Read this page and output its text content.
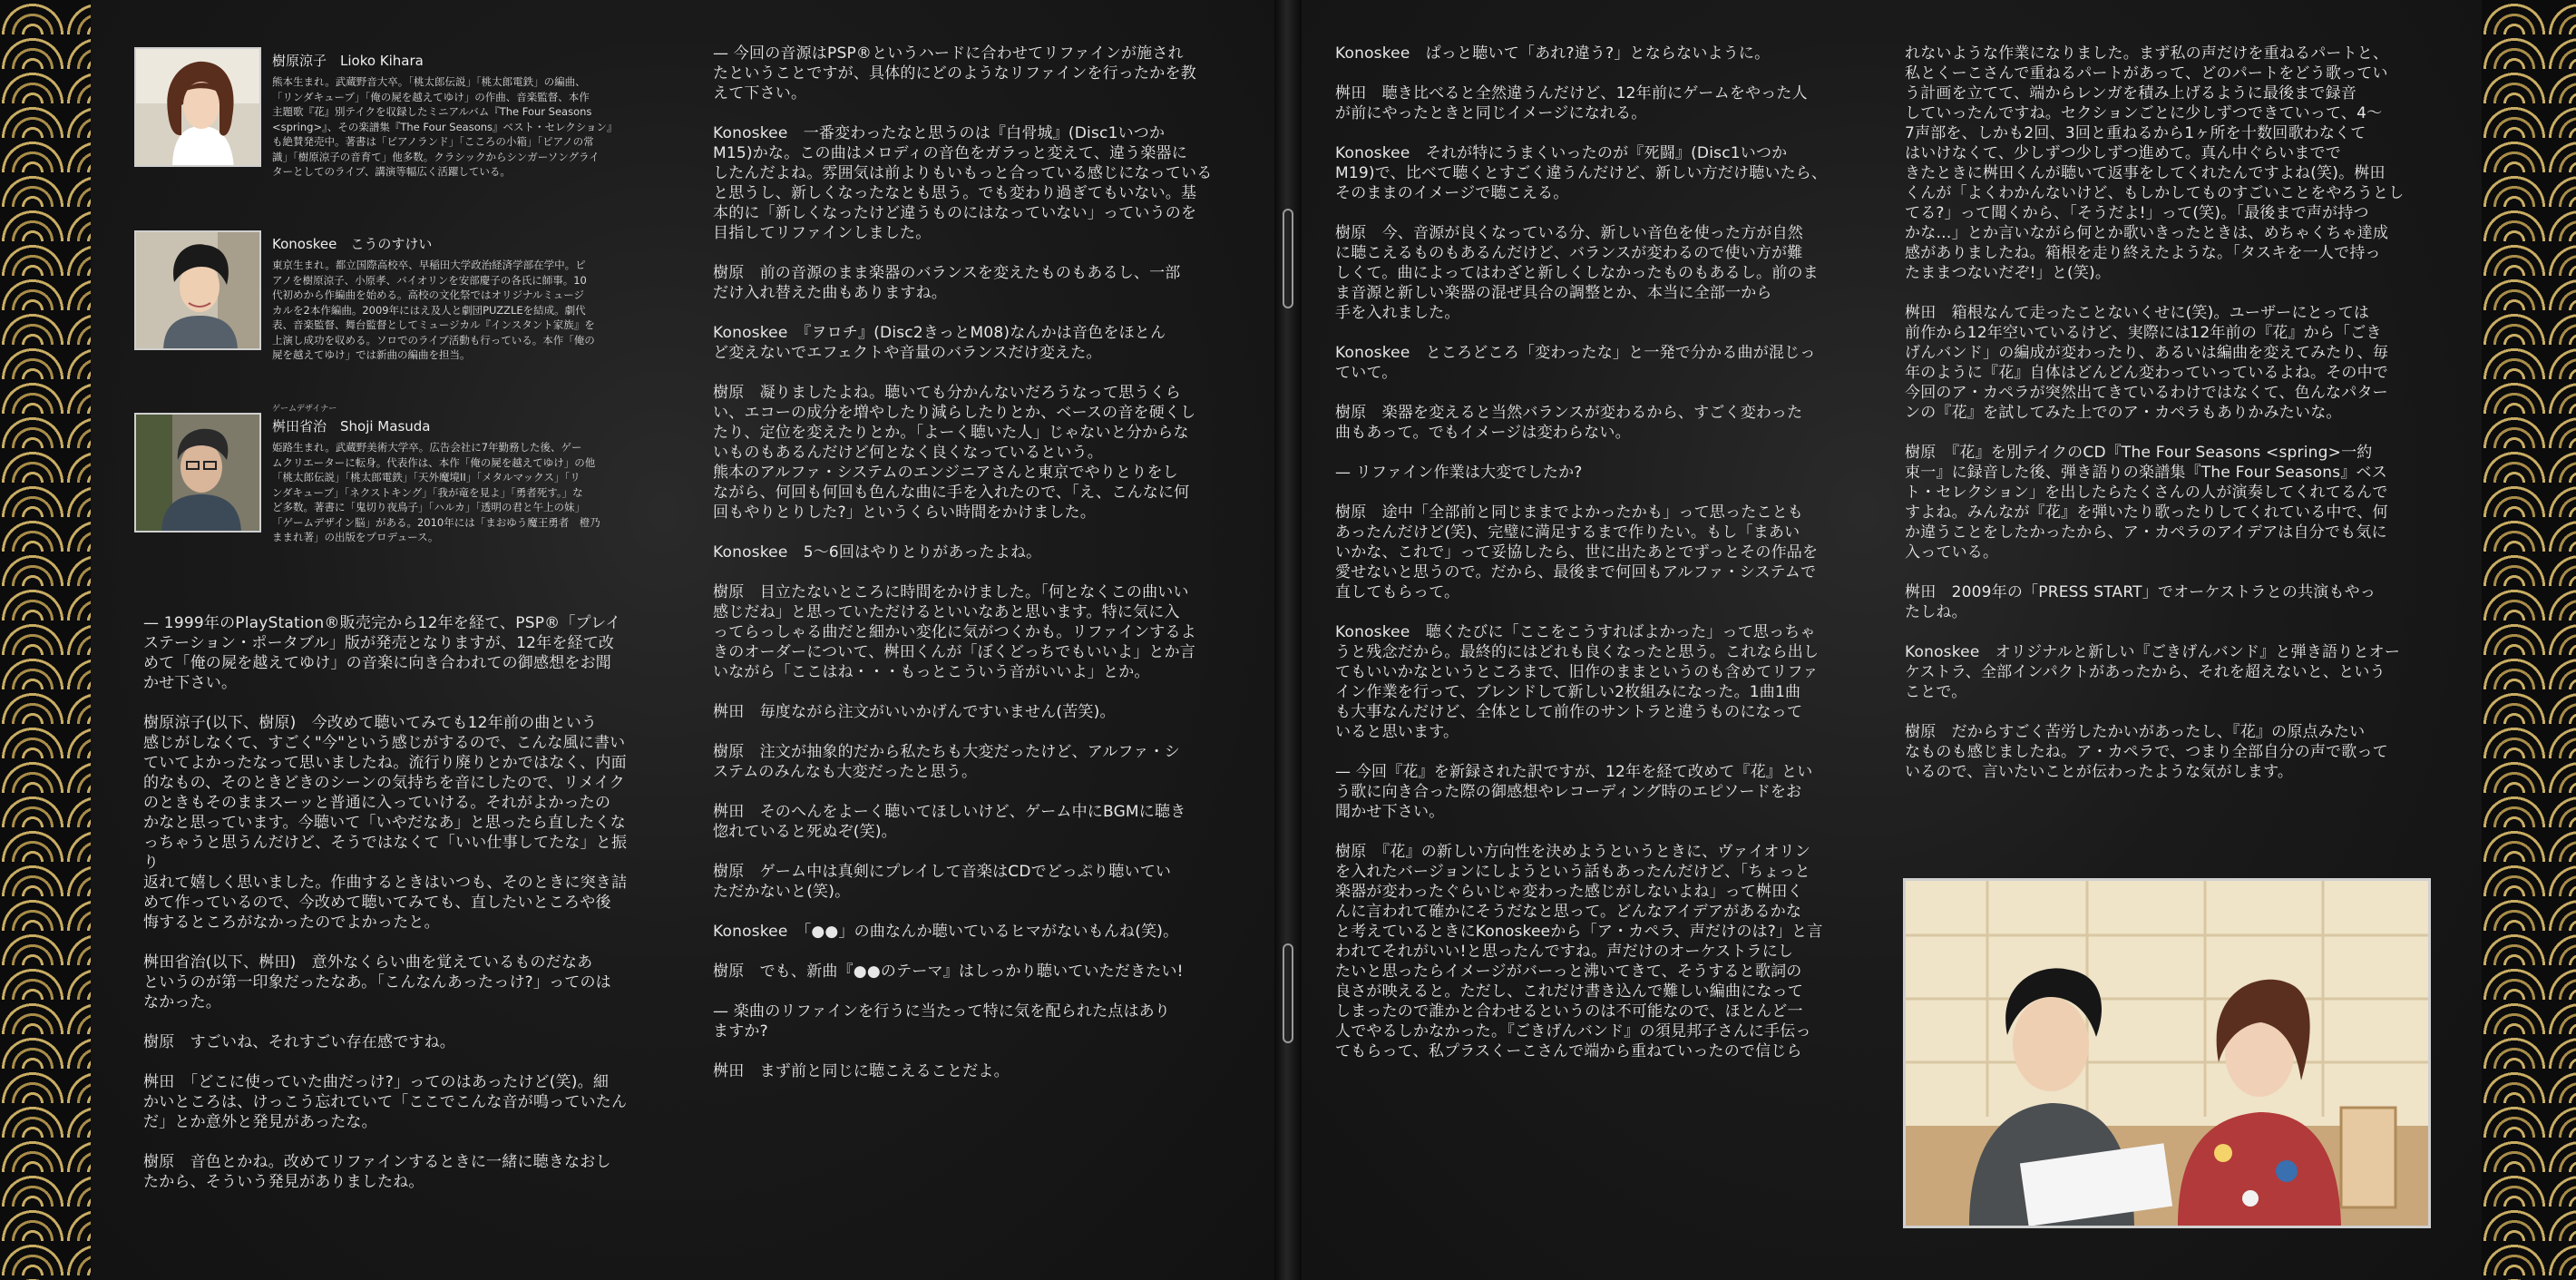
樹原涼子　Lioko Kihara
熊本生まれ。武蔵野音大卒。「桃太郎伝説」「桃太郎電鉄」の編曲、
「リンダキューブ」「俺の屍を越えてゆけ」の作曲、音楽監督、本作
主題歌『花』別テイクを収録したミニアルバム『The Four Seasons
<spring>』、その楽譜集『The Four Seasons』ベスト・セレクション』
も絶賛発売中。著書は「ピアノランド」「こころの小箱」「ピアノの常
識」「樹原涼子の音育て」他多数。クラシックからシンガーソングライ
ターとしてのライブ、講演等幅広く活躍している。
Konoskee　こうのすけい
東京生まれ。都立国際高校卒、早稲田大学政治経済学部在学中。ピ
アノを樹原涼子、小原孝、バイオリンを安部慶子の各氏に師事。10
代初めから作編曲を始める。高校の文化祭ではオリジナルミュージ
カルを2本作編曲。2009年にはえ及人と劇団PUZZLEを結成。劇代
表、音楽監督、舞台監督としてミュージカル『インスタント家族』を
上演し成功を収める。ソロでのライブ活動も行っている。本作「俺の
屍を越えてゆけ」では新曲の編曲を担当。
ゲームデザイナー
桝田省治　Shoji Masuda
姫路生まれ。武蔵野美術大学卒。広告会社に7年勤務した後、ゲー
ムクリエーターに転身。代表作は、本作「俺の屍を越えてゆけ」の他
「桃太郎伝説」「桃太郎電鉄」「天外魔境II」「メタルマックス」「リ
ンダキューブ」「ネクストキング」「我が竜を見よ」「勇者死す。」な
ど多数。著書に「鬼切り夜鳥子」「ハルカ」「透明の君と午上の妹」
「ゲームデザイン脳」がある。2010年には「まおゆう魔王勇者　橙乃
ままれ著」の出版をプロデュース。

— 1999年のPlayStation®販売完から12年を経て、PSP®「プレイ
ステーション・ポータブル」版が発売となりますが、12年を経て改
めて「俺の屍を越えてゆけ」の音楽に向き合われての御感想をお聞
かせ下さい。

樹原涼子(以下、樹原)　今改めて聴いてみても12年前の曲という
感じがしなくて、すごく"今"という感じがするので、こんな風に書い
ていてよかったなって思いましたね。流行り廃りとかではなく、内面
的なもの、そのときどきのシーンの気持ちを音にしたので、リメイク
のときもそのままスーッと普通に入っていける。それがよかったの
かなと思っています。今聴いて「いやだなあ」と思ったら直したくな
っちゃうと思うんだけど、そうではなくて「いい仕事してたな」と振り
返れて嬉しく思いました。作曲するときはいつも、そのときに突き詰
めて作っているので、今改めて聴いてみても、直したいところや後
悔するところがなかったのでよかったと。

桝田省治(以下、桝田)　意外なくらい曲を覚えているものだなあ
というのが第一印象だったなあ。「こんなんあったっけ?」ってのは
なかった。

樹原　すごいね、それすごい存在感ですね。

桝田　「どこに使っていた曲だっけ?」ってのはあったけど(笑)。細
かいところは、けっこう忘れていて「ここでこんな音が鳴っていたん
だ」とか意外と発見があったな。

樹原　音色とかね。改めてリファインするときに一緒に聴きなおし
たから、そういう発見がありましたね。

— 今回の音源はPSP®というハードに合わせてリファインが施され
たということですが、具体的にどのようなリファインを行ったかを教
えて下さい。

Konoskee　一番変わったなと思うのは『白骨城』(Disc1いつか
M15)かな。この曲はメロディの音色をガラっと変えて、違う楽器に
したんだよね。雰囲気は前よりもいもっと合っている感じになっている
と思うし、新しくなったなとも思う。でも変わり過ぎてもいない。基
本的に「新しくなったけど違うものにはなっていない」っていうのを
目指してリファインしました。

樹原　前の音源のまま楽器のバランスを変えたものもあるし、一部
だけ入れ替えた曲もありますね。

Konoskee　『ヲロチ』(Disc2きっとM08)なんかは音色をほとん
ど変えないでエフェクトや音量のバランスだけ変えた。

樹原　凝りましたよね。聴いても分かんないだろうなって思うくら
い、エコーの成分を増やしたり減らしたりとか、ベースの音を硬くし
たり、定位を変えたりとか。「よーく聴いた人」じゃないと分からな
いものもあるんだけど何となく良くなっているという。
熊本のアルファ・システムのエンジニアさんと東京でやりとりをし
ながら、何回も何回も色んな曲に手を入れたので、「え、こんなに何
回もやりとりした?」というくらい時間をかけました。

Konoskee　5～6回はやりとりがあったよね。

樹原　目立たないところに時間をかけました。「何となくこの曲いい
感じだね」と思っていただけるといいなあと思います。特に気に入
ってらっしゃる曲だと細かい変化に気がつくかも。リファインするよ
きのオーダーについて、桝田くんが「ぼくどっちでもいいよ」とか言
いながら「ここはね・・・もっとこういう音がいいよ」とか。

桝田　毎度ながら注文がいいかげんですいません(苦笑)。

樹原　注文が抽象的だから私たちも大変だったけど、アルファ・シ
ステムのみんなも大変だったと思う。

桝田　そのへんをよーく聴いてほしいけど、ゲーム中にBGMに聴き
惚れていると死ぬぞ(笑)。

樹原　ゲーム中は真剣にプレイして音楽はCDでどっぷり聴いてい
ただかないと(笑)。

Konoskee　「●●」の曲なんか聴いているヒマがないもんね(笑)。

樹原　でも、新曲『●●のテーマ』はしっかり聴いていただきたい!

— 楽曲のリファインを行うに当たって特に気を配られた点はあり
ますか?

桝田　まず前と同じに聴こえることだよ。

Konoskee　ぱっと聴いて「あれ?違う?」とならないように。

桝田　聴き比べると全然違うんだけど、12年前にゲームをやった人
が前にやったときと同じイメージになれる。

Konoskee　それが特にうまくいったのが『死闘』(Disc1いつか
M19)で、比べて聴くとすごく違うんだけど、新しい方だけ聴いたら、
そのままのイメージで聴こえる。

樹原　今、音源が良くなっている分、新しい音色を使った方が自然
に聴こえるものもあるんだけど、バランスが変わるので使い方が難
しくて。曲によってはわざと新しくしなかったものもあるし。前のま
ま音源と新しい楽器の混ぜ具合の調整とか、本当に全部一から
手を入れました。

Konoskee　ところどころ「変わったな」と一発で分かる曲が混じっ
ていて。

樹原　楽器を変えると当然バランスが変わるから、すごく変わった
曲もあって。でもイメージは変わらない。

— リファイン作業は大変でしたか?

樹原　途中「全部前と同じままでよかったかも」って思ったことも
あったんだけど(笑)、完璧に満足するまで作りたい。もし「まあい
いかな、これで」って妥協したら、世に出たあとでずっとその作品を
愛せないと思うので。だから、最後まで何回もアルファ・システムで
直してもらって。

Konoskee　聴くたびに「ここをこうすればよかった」って思っちゃ
うと残念だから。最終的にはどれも良くなったと思う。これなら出し
てもいいかなというところまで、旧作のままというのも含めてリファ
イン作業を行って、ブレンドして新しい2枚組みになった。1曲1曲
も大事なんだけど、全体として前作のサントラと違うものになって
いると思います。

— 今回『花』を新録された訳ですが、12年を経て改めて『花』とい
う歌に向き合った際の御感想やレコーディング時のエピソードをお
聞かせ下さい。

樹原　『花』の新しい方向性を決めようというときに、ヴァイオリン
を入れたバージョンにしようという話もあったんだけど、「ちょっと
楽器が変わったぐらいじゃ変わった感じがしないよね」って桝田く
んに言われて確かにそうだなと思って。どんなアイデアがあるかな
と考えているときにKonoskeeから「ア・カペラ、声だけのは?」と言
われてそれがいい!と思ったんですね。声だけのオーケストラにし
たいと思ったらイメージがバーっと沸いてきて、そうすると歌詞の
良さが映えると。ただし、これだけ書き込んで難しい編曲になって
しまったので誰かと合わせるというのは不可能なので、ほとんど一
人でやるしかなかった。『ごきげんバンド』の須見邦子さんに手伝っ
てもらって、私プラスくーこさんで端から重ねていったので信じら

れないような作業になりました。まず私の声だけを重ねるパートと、
私とくーこさんで重ねるパートがあって、どのパートをどう歌ってい
う計画を立てて、端からレンガを積み上げるように最後まで録音
していったんですね。セクションごとに少しずつできていって、4～
7声部を、しかも2回、3回と重ねるから1ヶ所を十数回歌わなくて
はいけなくて、少しずつ少しずつ進めて。真ん中ぐらいまでで
きたときに桝田くんが聴いて返事をしてくれたんですよね(笑)。桝田
くんが「よくわかんないけど、もしかしてものすごいことをやろうとし
てる?」って聞くから、「そうだよ!」って(笑)。「最後まで声が持つ
かな…」とか言いながら何とか歌いきったときは、めちゃくちゃ達成
感がありましたね。箱根を走り終えたような。「タスキを一人で持っ
たままつないだぞ!」と(笑)。

桝田　箱根なんて走ったことないくせに(笑)。ユーザーにとっては
前作から12年空いているけど、実際には12年前の『花』から「ごき
げんバンド」の編成が変わったり、あるいは編曲を変えてみたり、毎
年のように『花』自体はどんどん変わっていっているよね。その中で
今回のア・カペラが突然出てきているわけではなくて、色んなパター
ンの『花』を試してみた上でのア・カペラもありかみたいな。

樹原　『花』を別テイクのCD『The Four Seasons <spring>一約
束一』に録音した後、弾き語りの楽譜集『The Four Seasons』ベス
ト・セレクション」を出したらたくさんの人が演奏してくれてるんで
すよね。みんなが『花』を弾いたり歌ったりしてくれている中で、何
か違うことをしたかったから、ア・カペラのアイデアは自分でも気に
入っている。

桝田　2009年の「PRESS START」でオーケストラとの共演もやっ
たしね。

Konoskee　オリジナルと新しい『ごきげんバンド』と弾き語りとオー
ケストラ、全部インパクトがあったから、それを超えないと、という
ことで。

樹原　だからすごく苦労したかいがあったし、『花』の原点みたい
なものも感じましたね。ア・カペラで、つまり全部自分の声で歌って
いるので、言いたいことが伝わったような気がします。
